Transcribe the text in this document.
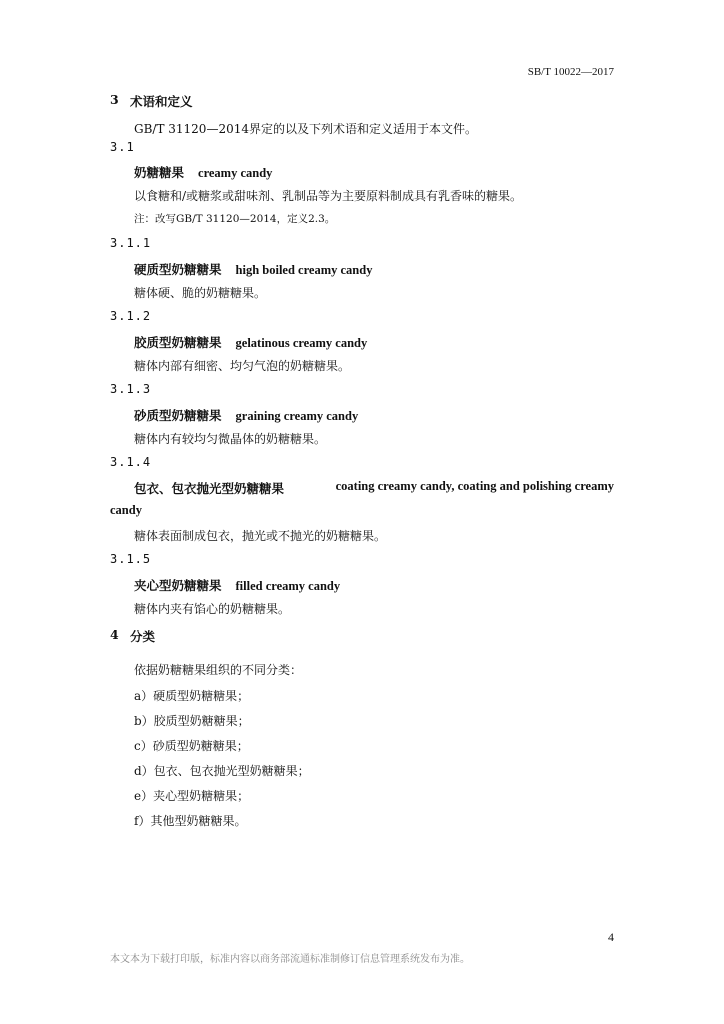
SB/T 10022—2017
3 术语和定义
GB/T 31120—2014界定的以及下列术语和定义适用于本文件。
3.1
奶糖糖果 creamy candy
以食糖和/或糖浆或甜味剂、乳制品等为主要原料制成具有乳香味的糖果。
注：改写GB/T 31120—2014，定义2.3。
3.1.1
硬质型奶糖糖果 high boiled creamy candy
糖体硬、脆的奶糖糖果。
3.1.2
胶质型奶糖糖果 gelatinous creamy candy
糖体内部有细密、均匀气泡的奶糖糖果。
3.1.3
砂质型奶糖糖果 graining creamy candy
糖体内有较均匀微晶体的奶糖糖果。
3.1.4
包衣、包衣抛光型奶糖糖果	coating creamy candy, coating and polishing creamy
candy
糖体表面制成包衣，抛光或不抛光的奶糖糖果。
3.1.5
夹心型奶糖糖果 filled creamy candy
糖体内夹有馅心的奶糖糖果。
4 分类
依据奶糖糖果组织的不同分类：
a）硬质型奶糖糖果；
b）胶质型奶糖糖果；
c）砂质型奶糖糖果；
d）包衣、包衣抛光型奶糖糖果；
e）夹心型奶糖糖果；
f）其他型奶糖糖果。
4
本文本为下载打印版，标准内容以商务部流通标准制修订信息管理系统发布为准。
